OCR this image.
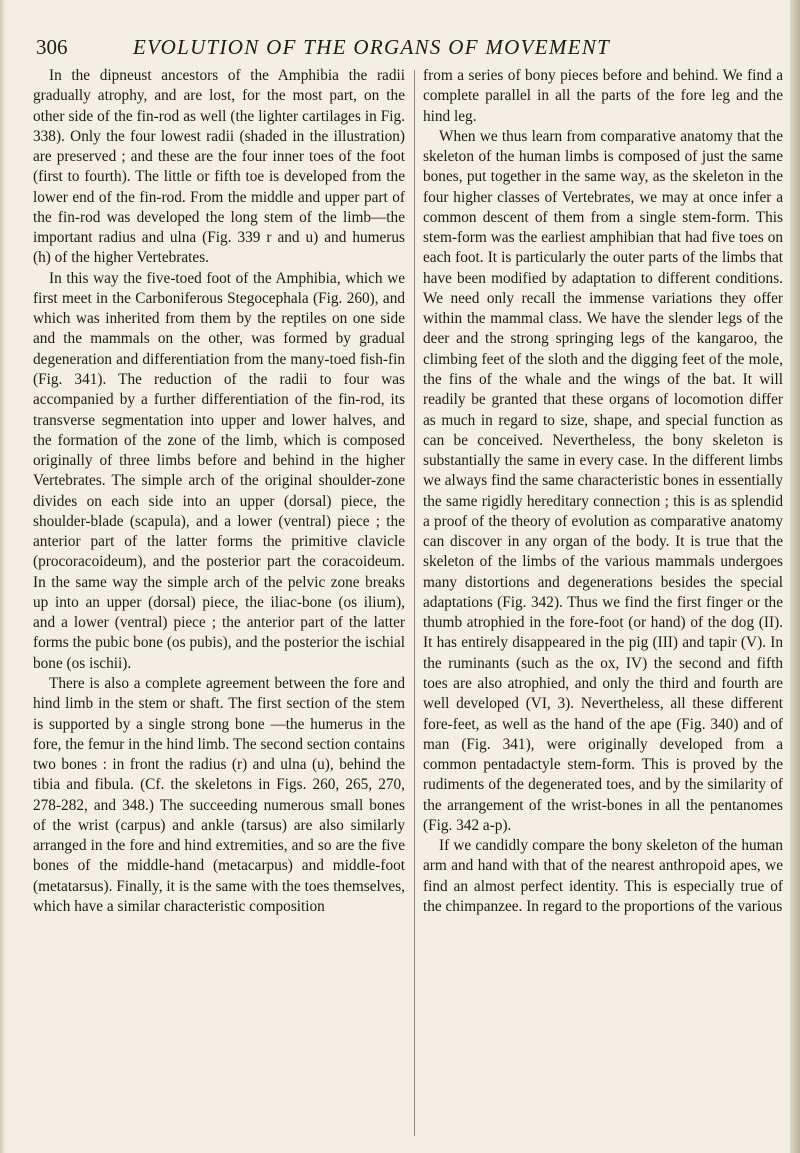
306	EVOLUTION OF THE ORGANS OF MOVEMENT

In the dipneust ancestors of the Amphibia the radii gradually atrophy, and are lost, for the most part, on the other side of the fin-rod as well (the lighter cartilages in Fig. 338). Only the four lowest radii (shaded in the illustration) are preserved ; and these are the four inner toes of the foot (first to fourth). The little or fifth toe is developed from the lower end of the fin-rod. From the middle and upper part of the fin-rod was developed the long stem of the limb—the important radius and ulna (Fig. 339 r and u) and humerus (h) of the higher Vertebrates.

In this way the five-toed foot of the Amphibia, which we first meet in the Carboniferous Stegocephala (Fig. 260), and which was inherited from them by the reptiles on one side and the mammals on the other, was formed by gradual degeneration and differentiation from the many-toed fish-fin (Fig. 341). The reduction of the radii to four was accompanied by a further differentiation of the fin-rod, its transverse segmentation into upper and lower halves, and the formation of the zone of the limb, which is composed originally of three limbs before and behind in the higher Vertebrates. The simple arch of the original shoulder-zone divides on each side into an upper (dorsal) piece, the shoulder-blade (scapula), and a lower (ventral) piece ; the anterior part of the latter forms the primitive clavicle (procoracoideum), and the posterior part the coracoideum. In the same way the simple arch of the pelvic zone breaks up into an upper (dorsal) piece, the iliac-bone (os ilium), and a lower (ventral) piece ; the anterior part of the latter forms the pubic bone (os pubis), and the posterior the ischial bone (os ischii).

There is also a complete agreement between the fore and hind limb in the stem or shaft. The first section of the stem is supported by a single strong bone —the humerus in the fore, the femur in the hind limb. The second section contains two bones : in front the radius (r) and ulna (u), behind the tibia and fibula. (Cf. the skeletons in Figs. 260, 265, 270, 278-282, and 348.) The succeeding numerous small bones of the wrist (carpus) and ankle (tarsus) are also similarly arranged in the fore and hind extremities, and so are the five bones of the middle-hand (metacarpus) and middle-foot (metatarsus). Finally, it is the same with the toes themselves, which have a similar characteristic composition

from a series of bony pieces before and behind. We find a complete parallel in all the parts of the fore leg and the hind leg.

When we thus learn from comparative anatomy that the skeleton of the human limbs is composed of just the same bones, put together in the same way, as the skeleton in the four higher classes of Vertebrates, we may at once infer a common descent of them from a single stem-form. This stem-form was the earliest amphibian that had five toes on each foot. It is particularly the outer parts of the limbs that have been modified by adaptation to different conditions. We need only recall the immense variations they offer within the mammal class. We have the slender legs of the deer and the strong springing legs of the kangaroo, the climbing feet of the sloth and the digging feet of the mole, the fins of the whale and the wings of the bat. It will readily be granted that these organs of locomotion differ as much in regard to size, shape, and special function as can be conceived. Nevertheless, the bony skeleton is substantially the same in every case. In the different limbs we always find the same characteristic bones in essentially the same rigidly hereditary connection ; this is as splendid a proof of the theory of evolution as comparative anatomy can discover in any organ of the body. It is true that the skeleton of the limbs of the various mammals undergoes many distortions and degenerations besides the special adaptations (Fig. 342). Thus we find the first finger or the thumb atrophied in the fore-foot (or hand) of the dog (II). It has entirely disappeared in the pig (III) and tapir (V). In the ruminants (such as the ox, IV) the second and fifth toes are also atrophied, and only the third and fourth are well developed (VI, 3). Nevertheless, all these different fore-feet, as well as the hand of the ape (Fig. 340) and of man (Fig. 341), were originally developed from a common pentadactyle stem-form. This is proved by the rudiments of the degenerated toes, and by the similarity of the arrangement of the wrist-bones in all the pentanomes (Fig. 342 a-p).

If we candidly compare the bony skeleton of the human arm and hand with that of the nearest anthropoid apes, we find an almost perfect identity. This is especially true of the chimpanzee. In regard to the proportions of the various
